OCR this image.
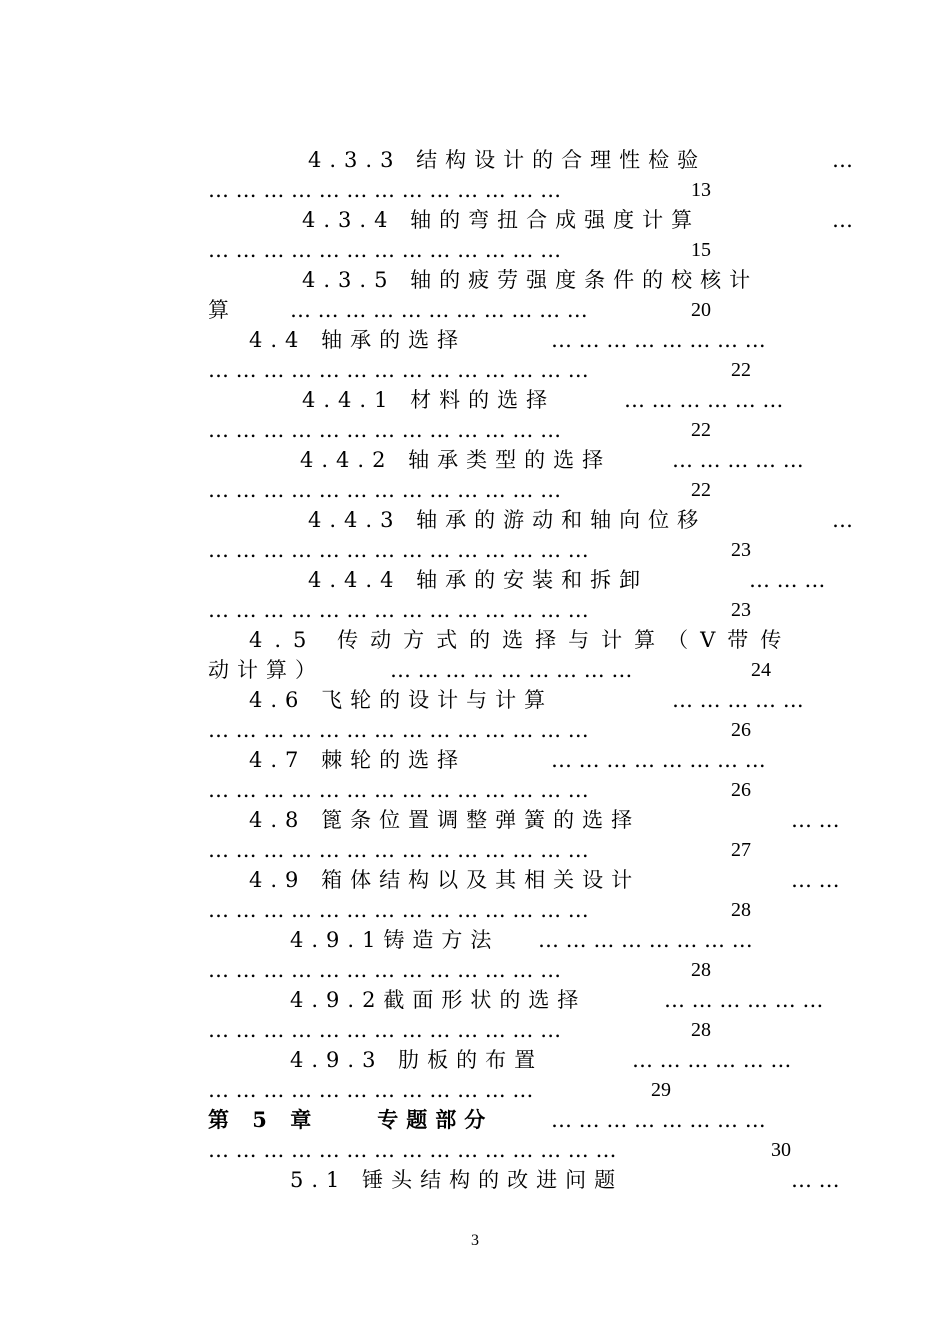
4.3.3 结构设计的合理性检验	…
… … … … … … … … … … … … …	13
4.3.4 轴的弯扭合成强度计算	…
… … … … … … … … … … … … …	15
4.3.5 轴的疲劳强度条件的校核计
算	… … … … … … … … … … …	20
4.4 轴承的选择	… … … … … … … …
… … … … … … … … … … … … … …	22
4.4.1 材料的选择	… … … … … …
… … … … … … … … … … … … …	22
4.4.2 轴承类型的选择	… … … … …
… … … … … … … … … … … … …	22
4.4.3 轴承的游动和轴向位移	…
… … … … … … … … … … … … … …	23
4.4.4 轴承的安装和拆卸	… … …
… … … … … … … … … … … … … …	23
4.5 传动方式的选择与计算（V带传
动计算）	… … … … … … … … …	24
4.6 飞轮的设计与计算	… … … … …
… … … … … … … … … … … … … …	26
4.7 棘轮的选择	… … … … … … … …
… … … … … … … … … … … … … …	26
4.8 篦条位置调整弹簧的选择	… …
… … … … … … … … … … … … … …	27
4.9 箱体结构以及其相关设计	… …
… … … … … … … … … … … … … …	28
4.9.1铸造方法	… … … … … … … …
… … … … … … … … … … … … …	28
4.9.2截面形状的选择	… … … … … …
… … … … … … … … … … … … …	28
4.9.3 肋板的布置	… … … … … …
… … … … … … … … … … … …	29
第 5 章　　专题部分	… … … … … … … …
… … … … … … … … … … … … … … …	30
5.1 锤头结构的改进问题	… …
3
